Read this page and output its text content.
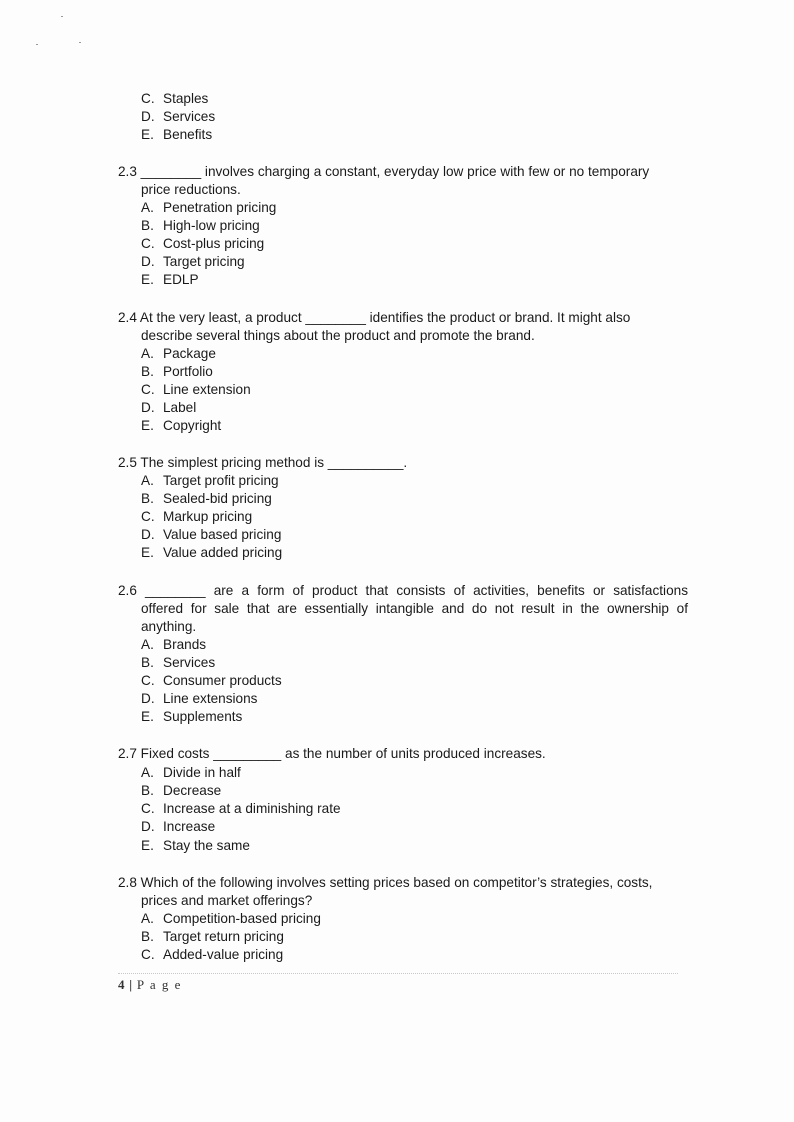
C. Staples
D. Services
E. Benefits
2.3 ________ involves charging a constant, everyday low price with few or no temporary
price reductions.
A. Penetration pricing
B. High-low pricing
C. Cost-plus pricing
D. Target pricing
E. EDLP
2.4 At the very least, a product ________ identifies the product or brand. It might also
describe several things about the product and promote the brand.
A. Package
B. Portfolio
C. Line extension
D. Label
E. Copyright
2.5 The simplest pricing method is __________.
A. Target profit pricing
B. Sealed-bid pricing
C. Markup pricing
D. Value based pricing
E. Value added pricing
2.6 ________ are a form of product that consists of activities, benefits or satisfactions
offered for sale that are essentially intangible and do not result in the ownership of
anything.
A. Brands
B. Services
C. Consumer products
D. Line extensions
E. Supplements
2.7 Fixed costs _________ as the number of units produced increases.
A. Divide in half
B. Decrease
C. Increase at a diminishing rate
D. Increase
E. Stay the same
2.8 Which of the following involves setting prices based on competitor’s strategies, costs,
prices and market offerings?
A. Competition-based pricing
B. Target return pricing
C. Added-value pricing
4 | P a g e
